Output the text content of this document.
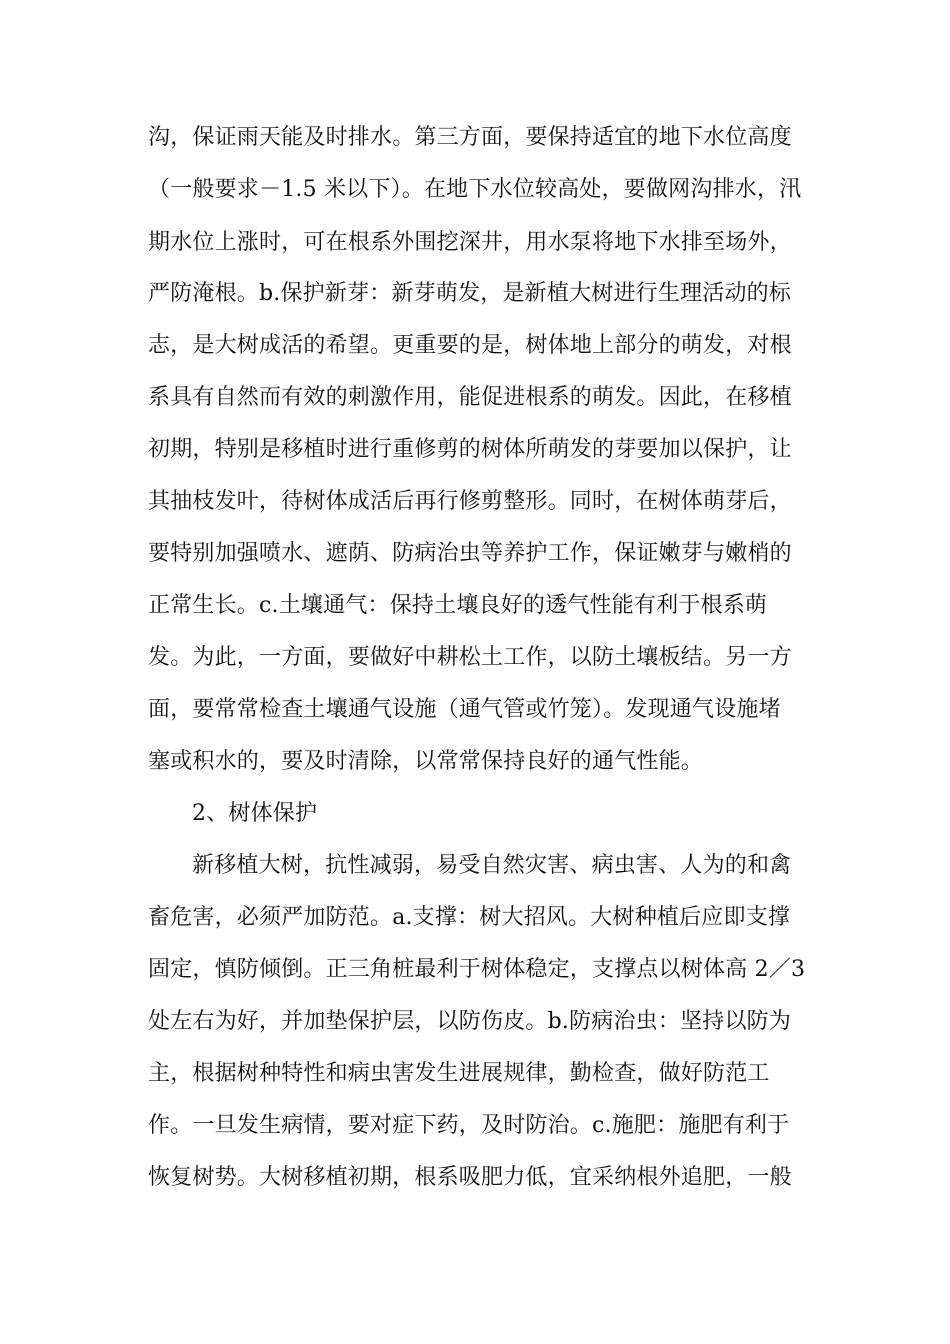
沟，保证雨天能及时排水。第三方面，要保持适宜的地下水位高度
（一般要求－1.5 米以下）。在地下水位较高处，要做网沟排水，汛
期水位上涨时，可在根系外围挖深井，用水泵将地下水排至场外，
严防淹根。b.保护新芽：新芽萌发，是新植大树进行生理活动的标
志，是大树成活的希望。更重要的是，树体地上部分的萌发，对根
系具有自然而有效的刺激作用，能促进根系的萌发。因此，在移植
初期，特别是移植时进行重修剪的树体所萌发的芽要加以保护，让
其抽枝发叶，待树体成活后再行修剪整形。同时，在树体萌芽后，
要特别加强喷水、遮荫、防病治虫等养护工作，保证嫩芽与嫩梢的
正常生长。c.土壤通气：保持土壤良好的透气性能有利于根系萌
发。为此，一方面，要做好中耕松土工作，以防土壤板结。另一方
面，要常常检查土壤通气设施（通气管或竹笼）。发现通气设施堵
塞或积水的，要及时清除，以常常保持良好的通气性能。
2、树体保护
新移植大树，抗性减弱，易受自然灾害、病虫害、人为的和禽
畜危害，必须严加防范。a.支撑：树大招风。大树种植后应即支撑
固定，慎防倾倒。正三角桩最利于树体稳定，支撑点以树体高 2／3
处左右为好，并加垫保护层，以防伤皮。b.防病治虫：坚持以防为
主，根据树种特性和病虫害发生进展规律，勤检查，做好防范工
作。一旦发生病情，要对症下药，及时防治。c.施肥：施肥有利于
恢复树势。大树移植初期，根系吸肥力低，宜采纳根外追肥，一般
